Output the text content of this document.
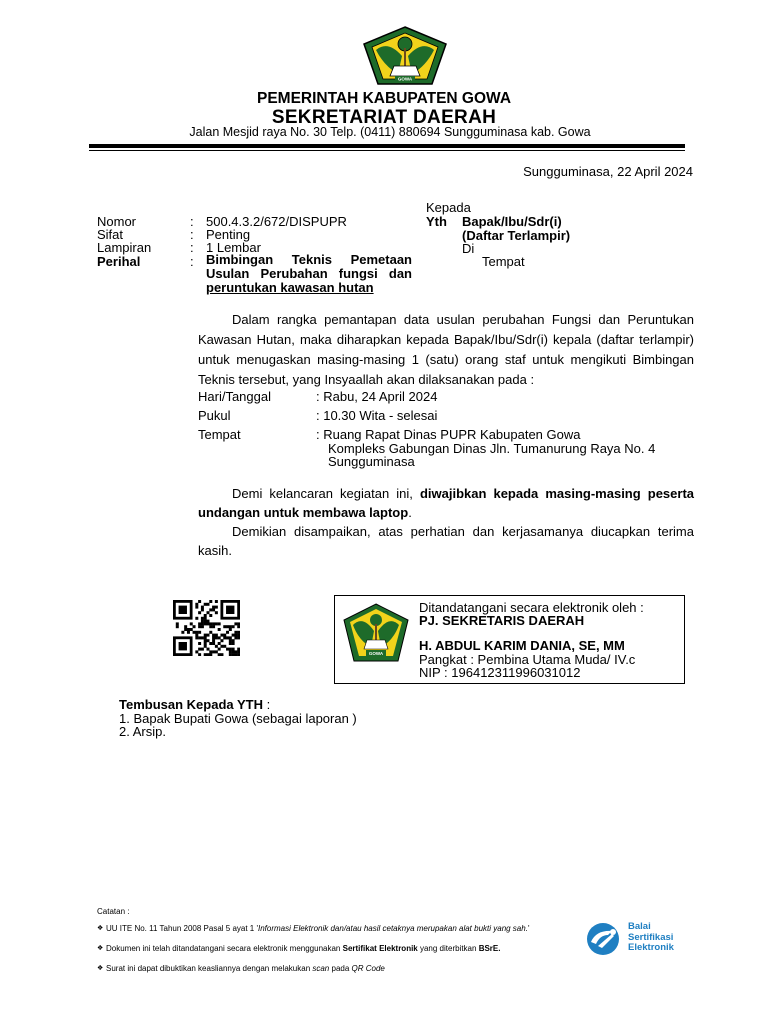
GOWA
PEMERINTAH KABUPATEN GOWA
SEKRETARIAT DAERAH
Jalan Mesjid raya No. 30 Telp. (0411) 880694 Sungguminasa kab. Gowa
Sungguminasa, 22 April 2024
Nomor	: 500.4.3.2/672/DISPUPR
Sifat	: Penting
Lampiran	: 1 Lembar
Perihal	: Bimbingan Teknis Pemetaan Usulan Perubahan fungsi dan peruntukan kawasan hutan
Kepada
Yth Bapak/Ibu/Sdr(i)
(Daftar Terlampir)
Di
Tempat
Dalam rangka pemantapan data usulan perubahan Fungsi dan Peruntukan Kawasan Hutan, maka diharapkan kepada Bapak/Ibu/Sdr(i) kepala (daftar terlampir) untuk menugaskan masing-masing 1 (satu) orang staf untuk mengikuti Bimbingan Teknis tersebut, yang Insyaallah akan dilaksanakan pada :
Hari/Tanggal	: Rabu, 24 April 2024
Pukul	: 10.30 Wita - selesai
Tempat	: Ruang Rapat Dinas PUPR Kabupaten Gowa
Kompleks Gabungan Dinas Jln. Tumanurung Raya No. 4
Sungguminasa
Demi kelancaran kegiatan ini, diwajibkan kepada masing-masing peserta undangan untuk membawa laptop.
Demikian disampaikan, atas perhatian dan kerjasamanya diucapkan terima kasih.
GOWA
Ditandatangani secara elektronik oleh :
PJ. SEKRETARIS DAERAH
H. ABDUL KARIM DANIA, SE, MM
Pangkat : Pembina Utama Muda/ IV.c
NIP : 196412311996031012
Tembusan Kepada YTH :
1. Bapak Bupati Gowa (sebagai laporan )
2. Arsip.
Catatan :
❖ UU ITE No. 11 Tahun 2008 Pasal 5 ayat 1 'Informasi Elektronik dan/atau hasil cetaknya merupakan alat bukti yang sah.'
❖ Dokumen ini telah ditandatangani secara elektronik menggunakan Sertifikat Elektronik yang diterbitkan BSrE.
❖ Surat ini dapat dibuktikan keasliannya dengan melakukan scan pada QR Code
Balai
Sertifikasi
Elektronik
